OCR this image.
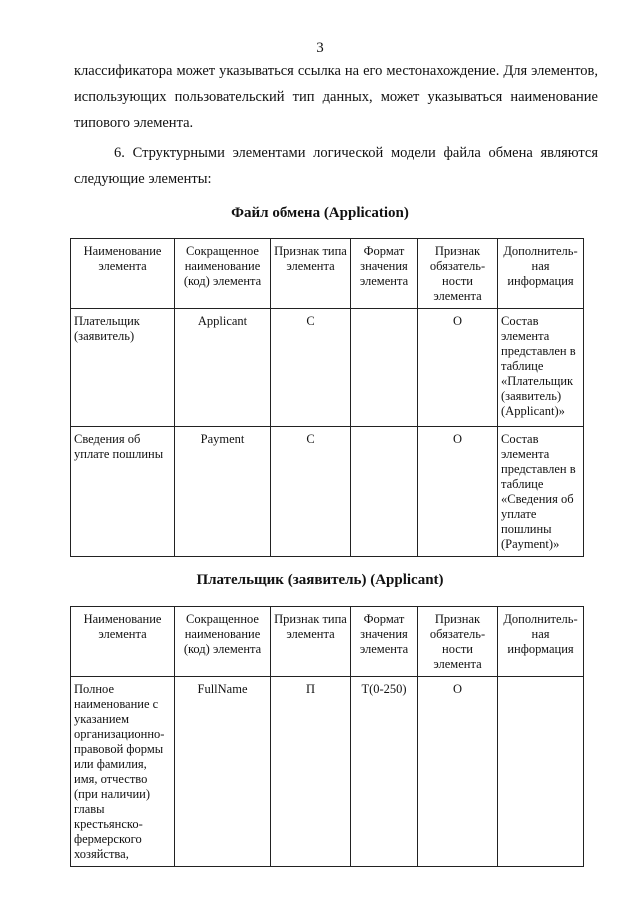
3

классификатора может указываться ссылка на его местонахождение. Для элементов, использующих пользовательский тип данных, может указываться наименование типового элемента.

6. Структурными элементами логической модели файла обмена являются следующие элементы:

Файл обмена (Application)
Наименование элемента	Сокращенное наименование (код) элемента	Признак типа элемента	Формат значения элемента	Признак обязатель- ности элемента	Дополнитель- ная информация
Плательщик (заявитель)	Applicant	С		О	Состав элемента представлен в таблице «Плательщик (заявитель) (Applicant)»
Сведения об уплате пошлины	Payment	С		О	Состав элемента представлен в таблице «Сведения об уплате пошлины (Payment)»
Плательщик (заявитель) (Applicant)
Наименование элемента	Сокращенное наименование (код) элемента	Признак типа элемента	Формат значения элемента	Признак обязатель- ности элемента	Дополнитель- ная информация
Полное наименование с указанием организационно-правовой формы или фамилия, имя, отчество (при наличии) главы крестьянско-фермерского хозяйства,	FullName	П	Т(0-250)	О	
